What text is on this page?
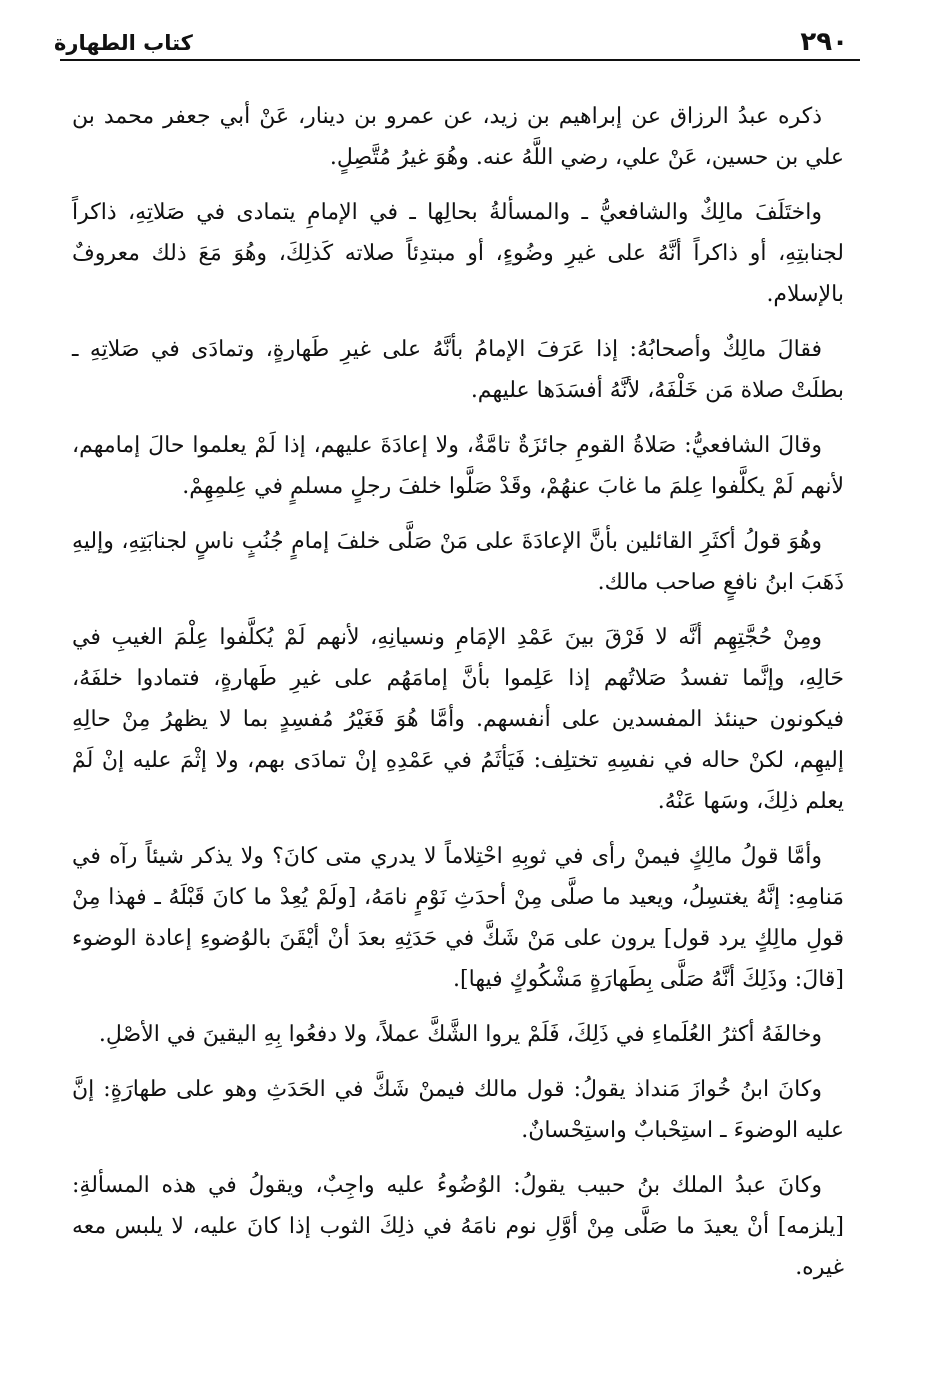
٢٩٠
كتاب الطهارة

ذكره عبدُ الرزاق عن إبراهيم بن زيد، عن عمرو بن دينار، عَنْ أبي جعفر محمد بن علي بن حسين، عَنْ علي، رضي اللَّهُ عنه. وهُوَ غيرُ مُتَّصِلٍ.

واختَلَفَ مالِكٌ والشافعيُّ ـ والمسألةُ بحالِها ـ في الإمامِ يتمادى في صَلاتِهِ، ذاكراً لجنابتِهِ، أو ذاكراً أنَّهُ على غيرِ وضُوءٍ، أو مبتدِئاً صلاته كَذلِكَ، وهُوَ مَعَ ذلك معروفٌ بالإسلام.

فقالَ مالِكٌ وأصحابُهُ: إذا عَرَفَ الإمامُ بأنَّهُ على غيرِ طَهارةٍ، وتمادَى في صَلاتِهِ ـ بطلَتْ صلاة مَن خَلْفَهُ، لأنَّهُ أفسَدَها عليهم.

وقالَ الشافعيُّ: صَلاةُ القومِ جائزَةٌ تامَّةٌ، ولا إعادَةَ عليهم، إذا لَمْ يعلموا حالَ إمامهم، لأنهم لَمْ يكلَّفوا عِلمَ ما غابَ عنهُمْ، وقَدْ صَلَّوا خلفَ رجلٍ مسلمٍ في عِلمِهِمْ.

وهُوَ قولُ أكثَرِ القائلين بأنَّ الإعادَةَ على مَنْ صَلَّى خلفَ إمامٍ جُنُبٍ ناسٍ لجنابَتِهِ، وإليهِ ذَهَبَ ابنُ نافعٍ صاحب مالك.

ومِنْ حُجَّتِهِم أنَّه لا فَرْقَ بينَ عَمْدِ الإمَامِ ونسيانِهِ، لأنهم لَمْ يُكلَّفوا عِلْمَ الغيبِ في حَالِهِ، وإنَّما تفسدُ صَلاتُهم إذا عَلِموا بأنَّ إمامَهُم على غيرِ طَهارةٍ، فتمادوا خلفَهُ، فيكونون حينئذ المفسدين على أنفسهم. وأمَّا هُوَ فَغَيْرُ مُفسِدٍ بما لا يظهرُ مِنْ حالِهِ إليهِم، لكنْ حاله في نفسِهِ تختلِف: فَيَأثَمُ في عَمْدِهِ إنْ تمادَى بهم، ولا إثْمَ عليه إنْ لَمْ يعلم ذلِكَ، وسَها عَنْهُ.

وأمَّا قولُ مالِكٍ فيمنْ رأى في ثوبِهِ احْتِلاماً لا يدري متى كانَ؟ ولا يذكر شيئاً رآه في مَنامِهِ: إنَّهُ يغتسِلُ، ويعيد ما صلَّى مِنْ أحدَثِ نَوْمٍ نامَهُ، [ولَمْ يُعِدْ ما كانَ قَبْلَهُ ـ فهذا مِنْ قولِ مالِكٍ يرد قول] يرون على مَنْ شَكَّ في حَدَثِهِ بعدَ أنْ أيْقَنَ بالوُضوءِ إعادة الوضوء [قالَ: وذَلِكَ أنَّهُ صَلَّى بِطَهارَةٍ مَشْكُوكٍ فيها].

وخالفَهُ أكثرُ العُلَماءِ في ذَلِكَ، فَلَمْ يروا الشَّكَّ عملاً، ولا دفعُوا بِهِ اليقينَ في الأصْلِ.

وكانَ ابنُ خُوازَ مَنداذ يقولُ: قول مالك فيمنْ شَكَّ في الحَدَثِ وهو على طهارَةٍ: إنَّ عليه الوضوءَ ـ استِحْبابٌ واستِحْسانٌ.

وكانَ عبدُ الملك بنُ حبيب يقولُ: الوُضُوءُ عليه واجِبٌ، ويقولُ في هذه المسألةِ: [يلزمه] أنْ يعيدَ ما صَلَّى مِنْ أوَّلِ نوم نامَهُ في ذلِكَ الثوب إذا كانَ عليه، لا يلبس معه غيره.
